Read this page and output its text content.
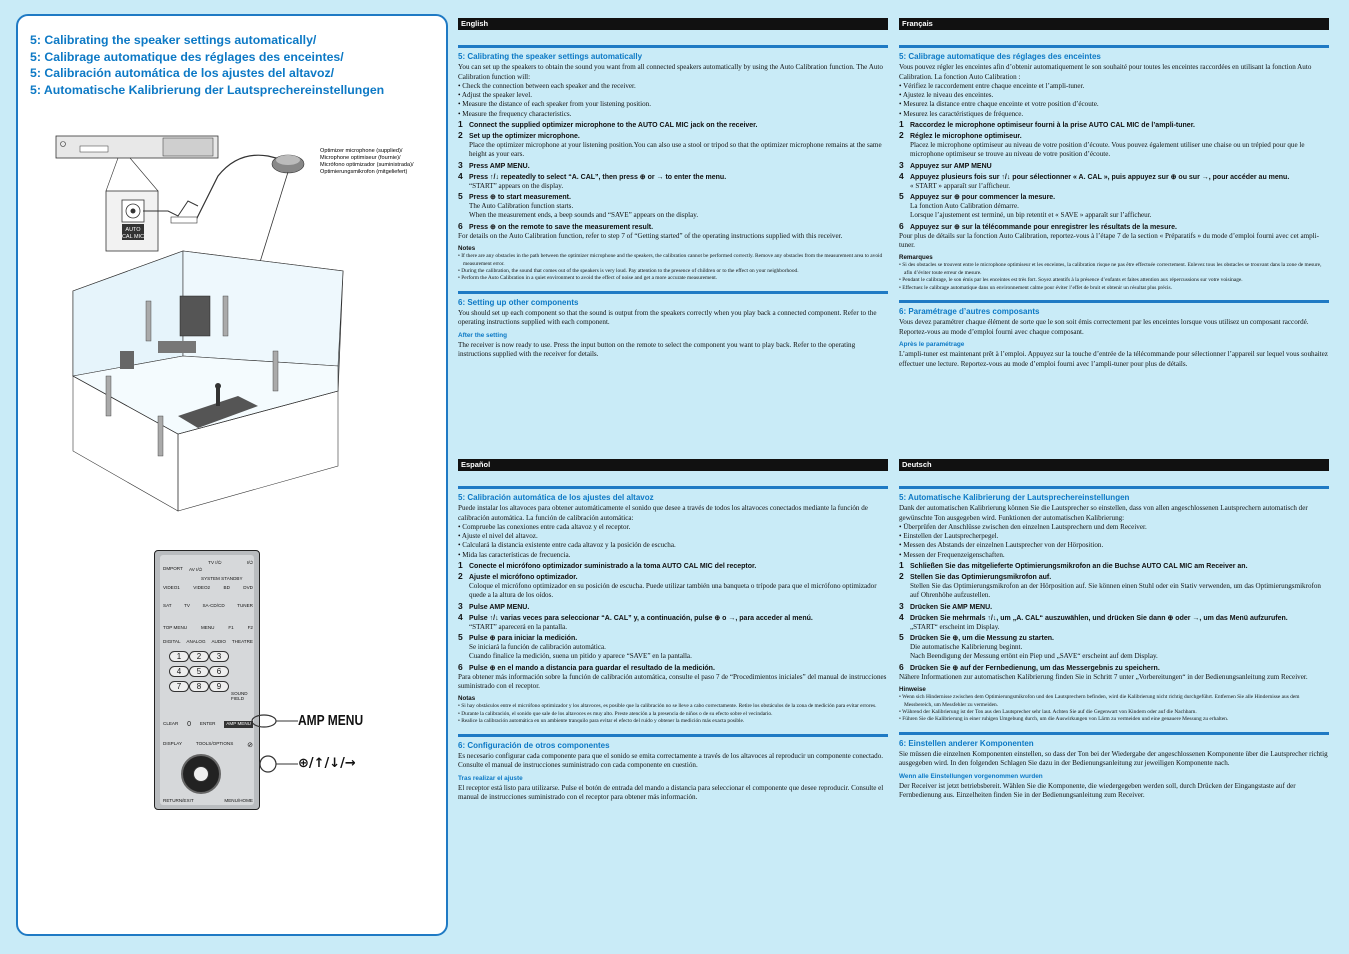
5: Calibrating the speaker settings automatically/
5: Calibrage automatique des réglages des enceintes/
5: Calibración automática de los ajustes del altavoz/
5: Automatische Kalibrierung der Lautsprechereinstellungen
AUTO
CAL MIC
Optimizer microphone (supplied)/
Microphone optimiseur (fournie)/
Micrófono optimizador (suministrada)/
Optimierungsmikrofon (mitgeliefert)
DMPORT
TV I/⏻	I/⏻
AV I/⏻
SYSTEM STANDBY
VIDEO1	VIDEO2	BD	DVD
SAT	TV	SA-CD/CD	TUNER
TOP MENU	MENU	F1	F2
DIGITAL ANALOG AUDIO THEATRE
1	2	3
4	5	6
7	8	9
SOUND FIELD
CLEAR 0 ENTER	AMP MENU
DISPLAY	TOOLS/OPTIONS ⊘
RETURN/EXIT	MENU/HOME
AMP MENU
⊕/↑/↓/→
English
5: Calibrating the speaker settings automatically
You can set up the speakers to obtain the sound you want from all connected speakers automatically by using the Auto Calibration function. The Auto Calibration function will:
• Check the connection between each speaker and the receiver.
• Adjust the speaker level.
• Measure the distance of each speaker from your listening position.
• Measure the frequency characteristics.
1 Connect the supplied optimizer microphone to the AUTO CAL MIC jack on the receiver.
2 Set up the optimizer microphone.
Place the optimizer microphone at your listening position.You can also use a stool or tripod so that the optimizer microphone remains at the same height as your ears.
3 Press AMP MENU.
4 Press ↑/↓ repeatedly to select “A. CAL”, then press ⊕ or → to enter the menu.
“START” appears on the display.
5 Press ⊕ to start measurement.
The Auto Calibration function starts.
When the measurement ends, a beep sounds and “SAVE” appears on the display.
6 Press ⊕ on the remote to save the measurement result.
For details on the Auto Calibration function, refer to step 7 of “Getting started” of the operating instructions supplied with this receiver.
Notes
• If there are any obstacles in the path between the optimizer microphone and the speakers, the calibration cannot be performed correctly. Remove any obstacles from the measurement area to avoid measurement error.
• During the calibration, the sound that comes out of the speakers is very loud. Pay attention to the presence of children or to the effect on your neighborhood.
• Perform the Auto Calibration in a quiet environment to avoid the effect of noise and get a more accurate measurement.
6: Setting up other components
You should set up each component so that the sound is output from the speakers correctly when you play back a connected component. Refer to the operating instructions supplied with each component.
After the setting
The receiver is now ready to use. Press the input button on the remote to select the component you want to play back. Refer to the operating instructions supplied with the receiver for details.
Français
5: Calibrage automatique des réglages des enceintes
Vous pouvez régler les enceintes afin d’obtenir automatiquement le son souhaité pour toutes les enceintes raccordées en utilisant la fonction Auto Calibration. La fonction Auto Calibration :
• Vérifiez le raccordement entre chaque enceinte et l’ampli-tuner.
• Ajustez le niveau des enceintes.
• Mesurez la distance entre chaque enceinte et votre position d’écoute.
• Mesurez les caractéristiques de fréquence.
1 Raccordez le microphone optimiseur fourni à la prise AUTO CAL MIC de l’ampli-tuner.
2 Réglez le microphone optimiseur.
Placez le microphone optimiseur au niveau de votre position d’écoute. Vous pouvez également utiliser une chaise ou un trépied pour que le microphone optimiseur se trouve au niveau de votre position d’écoute.
3 Appuyez sur AMP MENU
4 Appuyez plusieurs fois sur ↑/↓ pour sélectionner « A. CAL », puis appuyez sur ⊕ ou sur →, pour accéder au menu.
« START » apparaît sur l’afficheur.
5 Appuyez sur ⊕ pour commencer la mesure.
La fonction Auto Calibration démarre.
Lorsque l’ajustement est terminé, un bip retentit et « SAVE » apparaît sur l’afficheur.
6 Appuyez sur ⊕ sur la télécommande pour enregistrer les résultats de la mesure.
Pour plus de détails sur la fonction Auto Calibration, reportez-vous à l’étape 7 de la section « Préparatifs » du mode d’emploi fourni avec cet ampli-tuner.
Remarques
• Si des obstacles se trouvent entre le microphone optimiseur et les enceintes, la calibration risque ne pas être effectuée correctement. Enlevez tous les obstacles se trouvant dans la zone de mesure, afin d’éviter toute erreur de mesure.
• Pendant le calibrage, le son émis par les enceintes est très fort. Soyez attentifs à la présence d’enfants et faites attention aux répercussions sur votre voisinage.
• Effectuez le calibrage automatique dans un environnement calme pour éviter l’effet de bruit et obtenir un résultat plus précis.
6: Paramétrage d’autres composants
Vous devez paramétrer chaque élément de sorte que le son soit émis correctement par les enceintes lorsque vous utilisez un composant raccordé. Reportez-vous au mode d’emploi fourni avec chaque composant.
Après le paramétrage
L’ampli-tuner est maintenant prêt à l’emploi. Appuyez sur la touche d’entrée de la télécommande pour sélectionner l’appareil sur lequel vous souhaitez effectuer une lecture. Reportez-vous au mode d’emploi fourni avec l’ampli-tuner pour plus de détails.
Español
5: Calibración automática de los ajustes del altavoz
Puede instalar los altavoces para obtener automáticamente el sonido que desee a través de todos los altavoces conectados mediante la función de calibración automática. La función de calibración automática:
• Compruebe las conexiones entre cada altavoz y el receptor.
• Ajuste el nivel del altavoz.
• Calculará la distancia existente entre cada altavoz y la posición de escucha.
• Mida las características de frecuencia.
1 Conecte el micrófono optimizador suministrado a la toma AUTO CAL MIC del receptor.
2 Ajuste el micrófono optimizador.
Coloque el micrófono optimizador en su posición de escucha. Puede utilizar también una banqueta o trípode para que el micrófono optimizador quede a la altura de los oídos.
3 Pulse AMP MENU.
4 Pulse ↑/↓ varias veces para seleccionar “A. CAL” y, a continuación, pulse ⊕ o →, para acceder al menú.
“START” aparecerá en la pantalla.
5 Pulse ⊕ para iniciar la medición.
Se iniciará la función de calibración automática.
Cuando finalice la medición, suena un pitido y aparece “SAVE” en la pantalla.
6 Pulse ⊕ en el mando a distancia para guardar el resultado de la medición.
Para obtener más información sobre la función de calibración automática, consulte el paso 7 de “Procedimientos iniciales” del manual de instrucciones suministrado con el receptor.
Notas
• Si hay obstáculos entre el micrófono optimizador y los altavoces, es posible que la calibración no se lleve a cabo correctamente. Retire los obstáculos de la zona de medición para evitar errores.
• Durante la calibración, el sonido que sale de los altavoces es muy alto. Preste atención a la presencia de niños o de su efecto sobre el vecindario.
• Realice la calibración automática en un ambiente tranquilo para evitar el efecto del ruido y obtener la medición más exacta posible.
6: Configuración de otros componentes
Es necesario configurar cada componente para que el sonido se emita correctamente a través de los altavoces al reproducir un componente conectado. Consulte el manual de instrucciones suministrado con cada componente en cuestión.
Tras realizar el ajuste
El receptor está listo para utilizarse. Pulse el botón de entrada del mando a distancia para seleccionar el componente que desee reproducir. Consulte el manual de instrucciones suministrado con el receptor para obtener más información.
Deutsch
5: Automatische Kalibrierung der Lautsprechereinstellungen
Dank der automatischen Kalibrierung können Sie die Lautsprecher so einstellen, dass von allen angeschlossenen Lautsprechern automatisch der gewünschte Ton ausgegeben wird. Funktionen der automatischen Kalibrierung:
• Überprüfen der Anschlüsse zwischen den einzelnen Lautsprechern und dem Receiver.
• Einstellen der Lautsprecherpegel.
• Messen des Abstands der einzelnen Lautsprecher von der Hörposition.
• Messen der Frequenzeigenschaften.
1 Schließen Sie das mitgelieferte Optimierungsmikrofon an die Buchse AUTO CAL MIC am Receiver an.
2 Stellen Sie das Optimierungsmikrofon auf.
Stellen Sie das Optimierungsmikrofon an der Hörposition auf. Sie können einen Stuhl oder ein Stativ verwenden, um das Optimierungsmikrofon auf Ohrenhöhe aufzustellen.
3 Drücken Sie AMP MENU.
4 Drücken Sie mehrmals ↑/↓, um „A. CAL“ auszuwählen, und drücken Sie dann ⊕ oder →, um das Menü aufzurufen.
„START“ erscheint im Display.
5 Drücken Sie ⊕, um die Messung zu starten.
Die automatische Kalibrierung beginnt.
Nach Beendigung der Messung ertönt ein Piep und „SAVE“ erscheint auf dem Display.
6 Drücken Sie ⊕ auf der Fernbedienung, um das Messergebnis zu speichern.
Nähere Informationen zur automatischen Kalibrierung finden Sie in Schritt 7 unter „Vorbereitungen“ in der Bedienungsanleitung zum Receiver.
Hinweise
• Wenn sich Hindernisse zwischen dem Optimierungsmikrofon und den Lautsprechern befinden, wird die Kalibrierung nicht richtig durchgeführt. Entfernen Sie alle Hindernisse aus dem Messbereich, um Messfehler zu vermeiden.
• Während der Kalibrierung ist der Ton aus den Lautsprecher sehr laut. Achten Sie auf die Gegenwart von Kindern oder auf die Nachbarn.
• Führen Sie die Kalibrierung in einer ruhigen Umgebung durch, um die Auswirkungen von Lärm zu vermeiden und eine genauere Messung zu erhalten.
6: Einstellen anderer Komponenten
Sie müssen die einzelnen Komponenten einstellen, so dass der Ton bei der Wiedergabe der angeschlossenen Komponente über die Lautsprecher richtig ausgegeben wird. In den folgenden Schlagen Sie dazu in der Bedienungsanleitung zur jeweiligen Komponente nach.
Wenn alle Einstellungen vorgenommen wurden
Der Receiver ist jetzt betriebsbereit. Wählen Sie die Komponente, die wiedergegeben werden soll, durch Drücken der Eingangstaste auf der Fernbedienung aus. Einzelheiten finden Sie in der Bedienungsanleitung zum Receiver.
